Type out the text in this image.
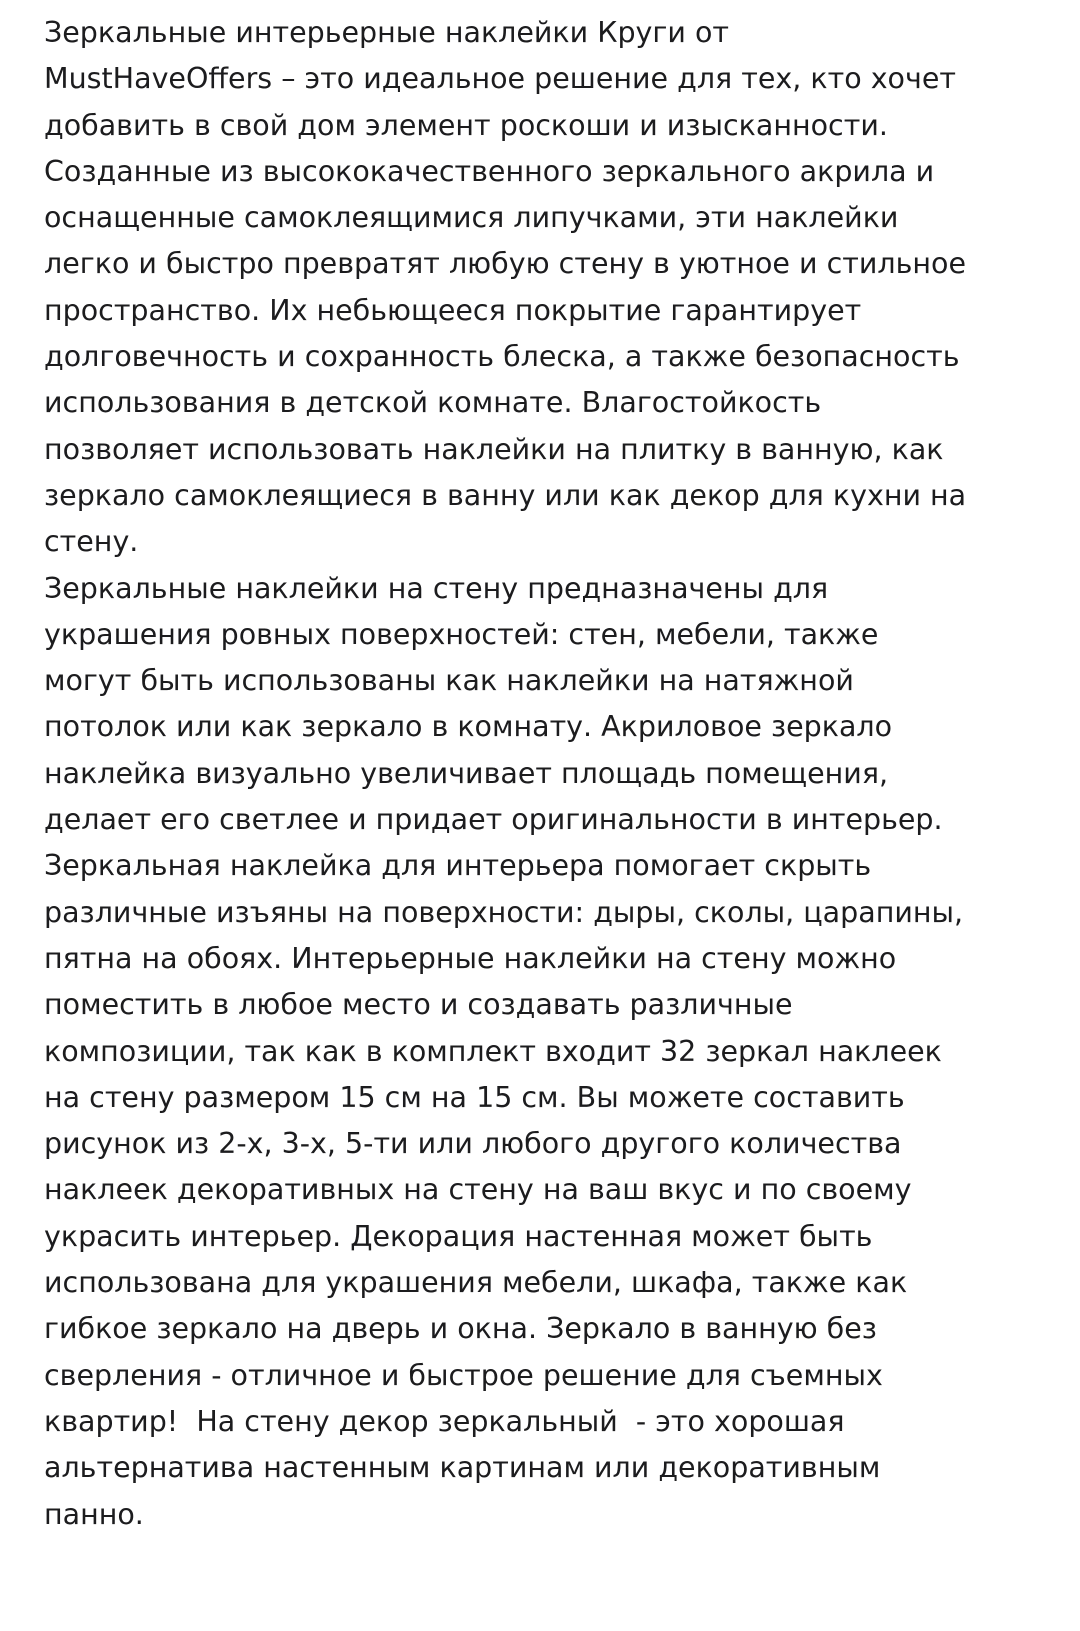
Зеркальные интерьерные наклейки Круги от
MustHaveOffers – это идеальное решение для тех, кто хочет
добавить в свой дом элемент роскоши и изысканности.
Созданные из высококачественного зеркального акрила и
оснащенные самоклеящимися липучками, эти наклейки
легко и быстро превратят любую стену в уютное и стильное
пространство. Их небьющееся покрытие гарантирует
долговечность и сохранность блеска, а также безопасность
использования в детской комнате. Влагостойкость
позволяет использовать наклейки на плитку в ванную, как
зеркало самоклеящиеся в ванну или как декор для кухни на
стену.
Зеркальные наклейки на стену предназначены для
украшения ровных поверхностей: стен, мебели, также
могут быть использованы как наклейки на натяжной
потолок или как зеркало в комнату. Акриловое зеркало
наклейка визуально увеличивает площадь помещения,
делает его светлее и придает оригинальности в интерьер.
Зеркальная наклейка для интерьера помогает скрыть
различные изъяны на поверхности: дыры, сколы, царапины,
пятна на обоях. Интерьерные наклейки на стену можно
поместить в любое место и создавать различные
композиции, так как в комплект входит 32 зеркал наклеек
на стену размером 15 см на 15 см. Вы можете составить
рисунок из 2-х, 3-х, 5-ти или любого другого количества
наклеек декоративных на стену на ваш вкус и по своему
украсить интерьер. Декорация настенная может быть
использована для украшения мебели, шкафа, также как
гибкое зеркало на дверь и окна. Зеркало в ванную без
сверления - отличное и быстрое решение для съемных
квартир!  На стену декор зеркальный  - это хорошая
альтернатива настенным картинам или декоративным
панно.
